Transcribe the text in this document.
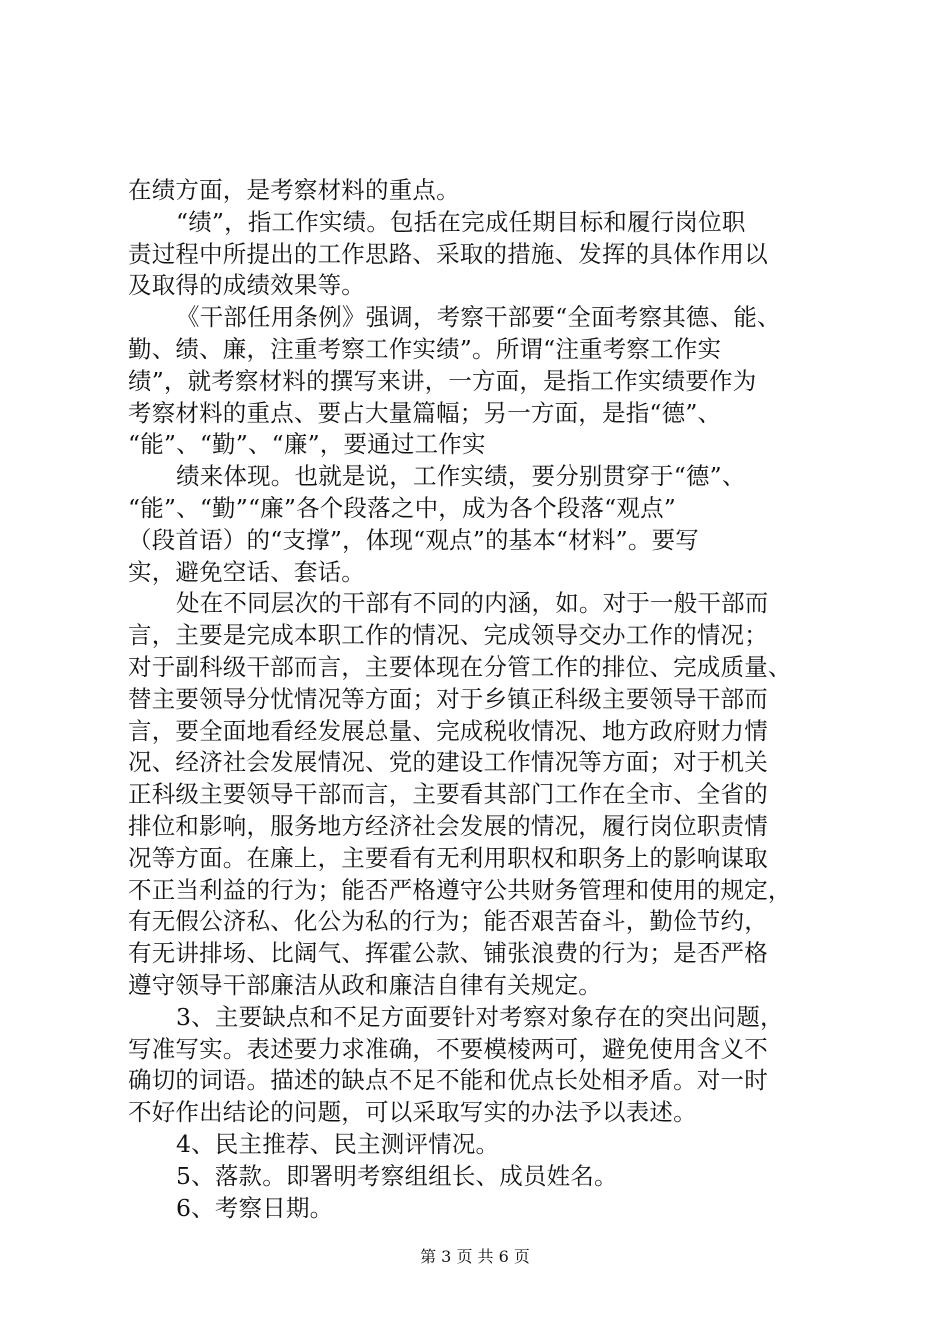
在绩方面，是考察材料的重点。
“绩”，指工作实绩。包括在完成任期目标和履行岗位职
责过程中所提出的工作思路、采取的措施、发挥的具体作用以
及取得的成绩效果等。
《干部任用条例》强调，考察干部要“全面考察其德、能、
勤、绩、廉，注重考察工作实绩”。所谓“注重考察工作实
绩”，就考察材料的撰写来讲，一方面，是指工作实绩要作为
考察材料的重点、要占大量篇幅；另一方面，是指“德”、
“能”、“勤”、“廉”，要通过工作实
绩来体现。也就是说，工作实绩，要分别贯穿于“德”、
“能”、“勤”“廉”各个段落之中，成为各个段落“观点”
（段首语）的“支撑”，体现“观点”的基本“材料”。要写
实，避免空话、套话。
处在不同层次的干部有不同的内涵，如。对于一般干部而
言，主要是完成本职工作的情况、完成领导交办工作的情况；
对于副科级干部而言，主要体现在分管工作的排位、完成质量、
替主要领导分忧情况等方面；对于乡镇正科级主要领导干部而
言，要全面地看经发展总量、完成税收情况、地方政府财力情
况、经济社会发展情况、党的建设工作情况等方面；对于机关
正科级主要领导干部而言，主要看其部门工作在全市、全省的
排位和影响，服务地方经济社会发展的情况，履行岗位职责情
况等方面。在廉上，主要看有无利用职权和职务上的影响谋取
不正当利益的行为；能否严格遵守公共财务管理和使用的规定，
有无假公济私、化公为私的行为；能否艰苦奋斗，勤俭节约，
有无讲排场、比阔气、挥霍公款、铺张浪费的行为；是否严格
遵守领导干部廉洁从政和廉洁自律有关规定。
3、主要缺点和不足方面要针对考察对象存在的突出问题，
写准写实。表述要力求准确，不要模棱两可，避免使用含义不
确切的词语。描述的缺点不足不能和优点长处相矛盾。对一时
不好作出结论的问题，可以采取写实的办法予以表述。
4、民主推荐、民主测评情况。
5、落款。即署明考察组组长、成员姓名。
6、考察日期。
第 3 页 共 6 页
